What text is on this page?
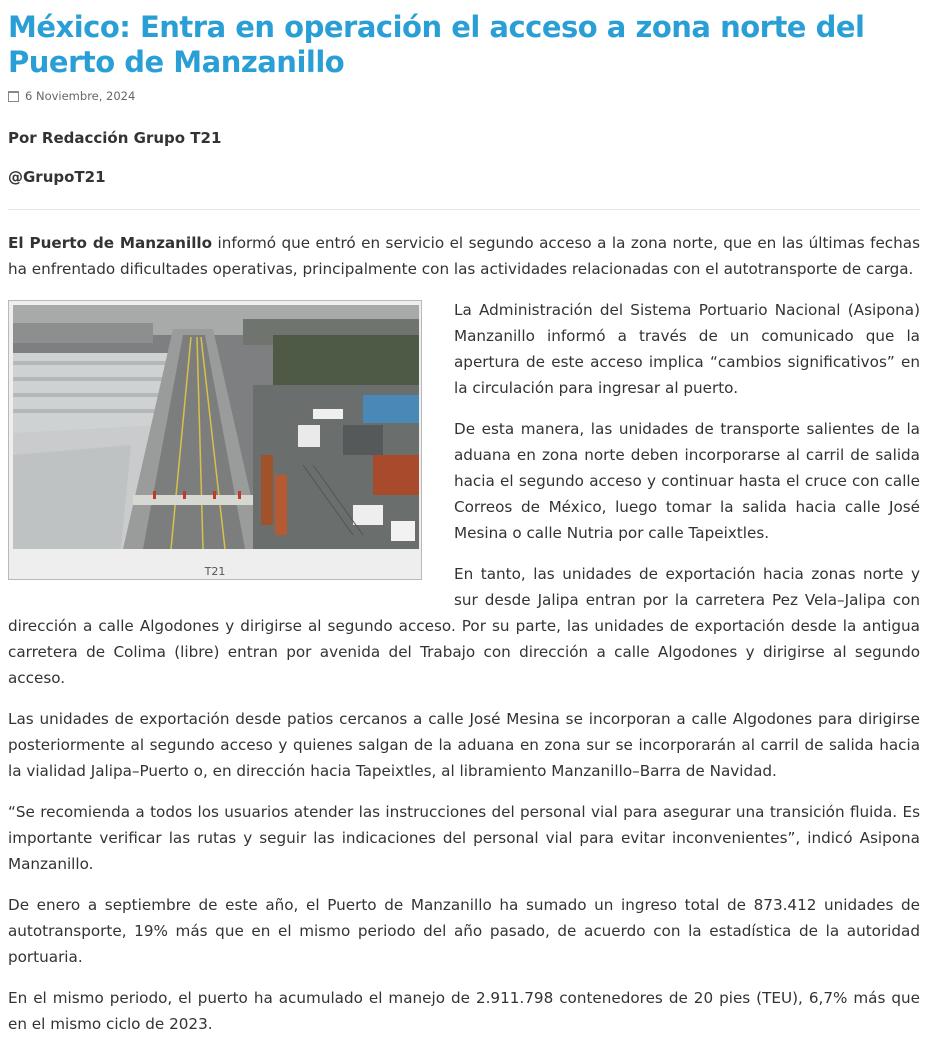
México: Entra en operación el acceso a zona norte del Puerto de Manzanillo
6 Noviembre, 2024
Por Redacción Grupo T21
@GrupoT21

El Puerto de Manzanillo informó que entró en servicio el segundo acceso a la zona norte, que en las últimas fechas ha enfrentado dificultades operativas, principalmente con las actividades relacionadas con el autotransporte de carga.

T21

La Administración del Sistema Portuario Nacional (Asipona) Manzanillo informó a través de un comunicado que la apertura de este acceso implica “cambios significativos” en la circulación para ingresar al puerto.

De esta manera, las unidades de transporte salientes de la aduana en zona norte deben incorporarse al carril de salida hacia el segundo acceso y continuar hasta el cruce con calle Correos de México, luego tomar la salida hacia calle José Mesina o calle Nutria por calle Tapeixtles.

En tanto, las unidades de exportación hacia zonas norte y sur desde Jalipa entran por la carretera Pez Vela–Jalipa con dirección a calle Algodones y dirigirse al segundo acceso. Por su parte, las unidades de exportación desde la antigua carretera de Colima (libre) entran por avenida del Trabajo con dirección a calle Algodones y dirigirse al segundo acceso.

Las unidades de exportación desde patios cercanos a calle José Mesina se incorporan a calle Algodones para dirigirse posteriormente al segundo acceso y quienes salgan de la aduana en zona sur se incorporarán al carril de salida hacia la vialidad Jalipa–Puerto o, en dirección hacia Tapeixtles, al libramiento Manzanillo–Barra de Navidad.

“Se recomienda a todos los usuarios atender las instrucciones del personal vial para asegurar una transición fluida. Es importante verificar las rutas y seguir las indicaciones del personal vial para evitar inconvenientes”, indicó Asipona Manzanillo.

De enero a septiembre de este año, el Puerto de Manzanillo ha sumado un ingreso total de 873.412 unidades de autotransporte, 19% más que en el mismo periodo del año pasado, de acuerdo con la estadística de la autoridad portuaria.

En el mismo periodo, el puerto ha acumulado el manejo de 2.911.798 contenedores de 20 pies (TEU), 6,7% más que en el mismo ciclo de 2023.
